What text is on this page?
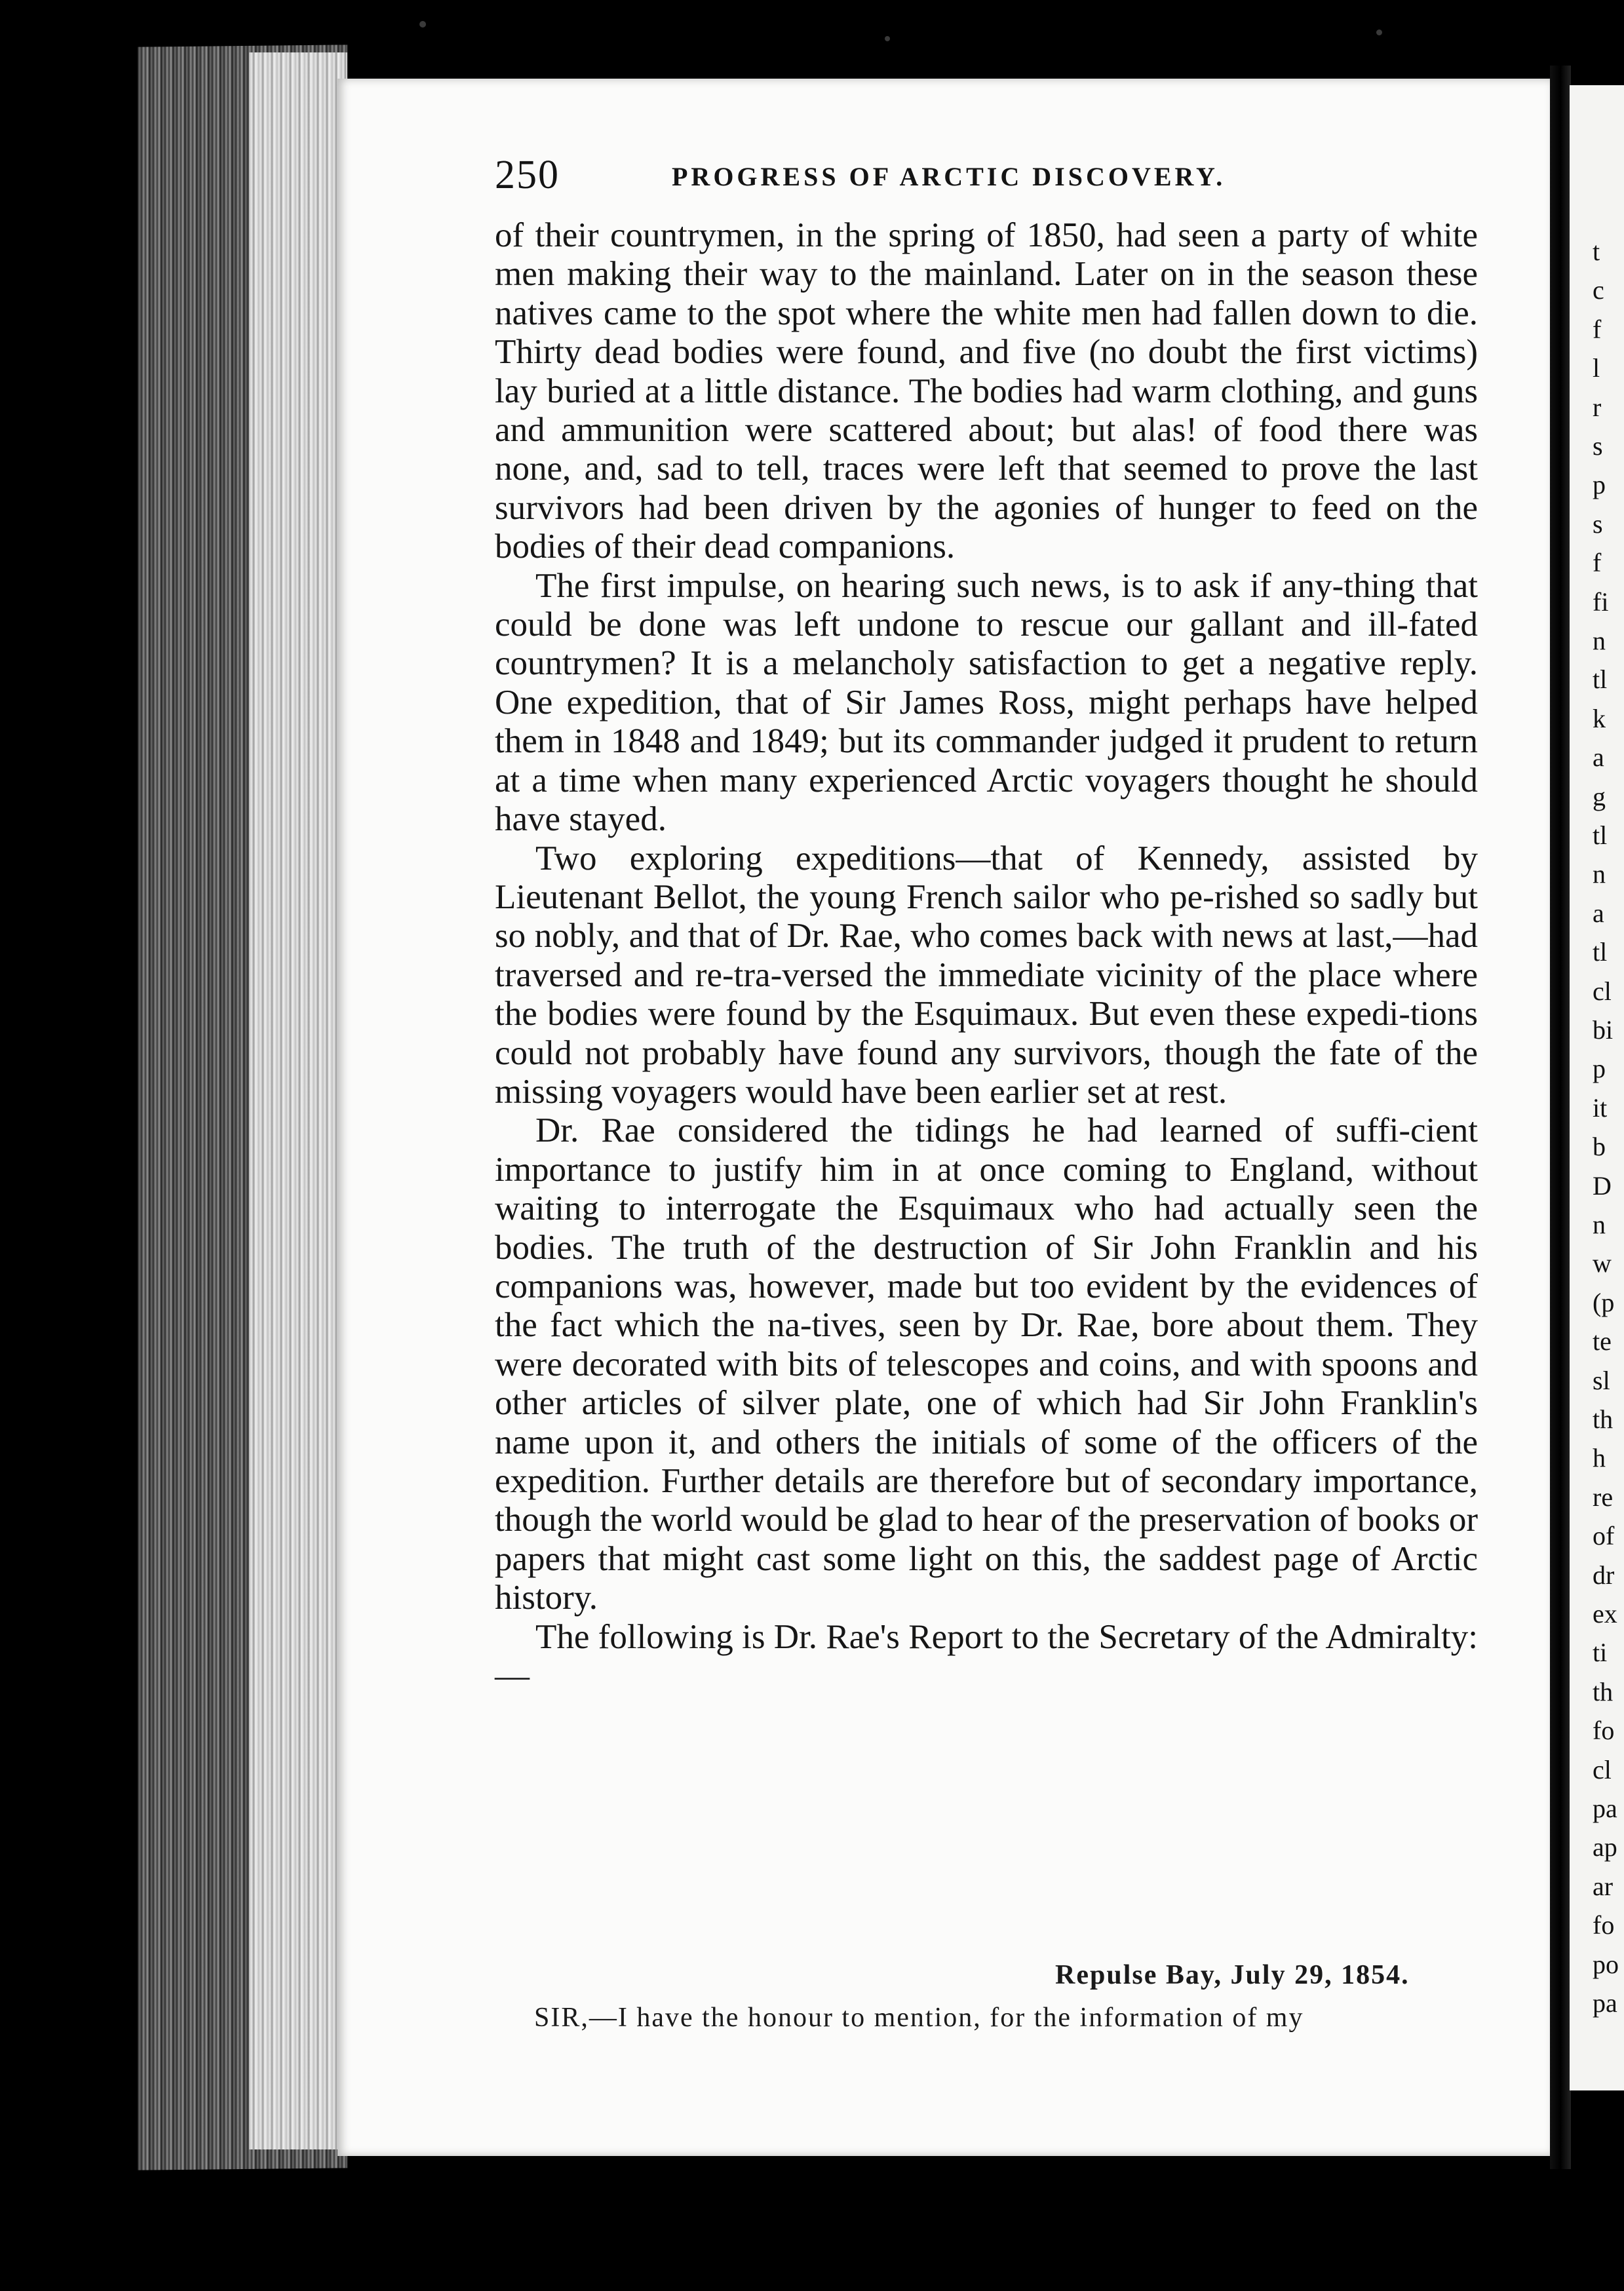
t
c
f
l
r
s
p
s
f
fi
n
tl
k
a
g
tl
n
a
tl
cl
bi
p
it
b
D
n
w
(p
te
sl
th
h
re
of
dr
ex
ti
th
fo
cl
pa
ap
ar
fo
po
pa
250	PROGRESS OF ARCTIC DISCOVERY.

of their countrymen, in the spring of 1850, had seen a party of white men making their way to the mainland. Later on in the season these natives came to the spot where the white men had fallen down to die. Thirty dead bodies were found, and five (no doubt the first victims) lay buried at a little distance. The bodies had warm clothing, and guns and ammunition were scattered about; but alas! of food there was none, and, sad to tell, traces were left that seemed to prove the last survivors had been driven by the agonies of hunger to feed on the bodies of their dead companions.

The first impulse, on hearing such news, is to ask if any-thing that could be done was left undone to rescue our gallant and ill-fated countrymen? It is a melancholy satisfaction to get a negative reply. One expedition, that of Sir James Ross, might perhaps have helped them in 1848 and 1849; but its commander judged it prudent to return at a time when many experienced Arctic voyagers thought he should have stayed.

Two exploring expeditions—that of Kennedy, assisted by Lieutenant Bellot, the young French sailor who pe-rished so sadly but so nobly, and that of Dr. Rae, who comes back with news at last,—had traversed and re-tra-versed the immediate vicinity of the place where the bodies were found by the Esquimaux. But even these expedi-tions could not probably have found any survivors, though the fate of the missing voyagers would have been earlier set at rest.

Dr. Rae considered the tidings he had learned of suffi-cient importance to justify him in at once coming to England, without waiting to interrogate the Esquimaux who had actually seen the bodies. The truth of the destruction of Sir John Franklin and his companions was, however, made but too evident by the evidences of the fact which the na-tives, seen by Dr. Rae, bore about them. They were decorated with bits of telescopes and coins, and with spoons and other articles of silver plate, one of which had Sir John Franklin's name upon it, and others the initials of some of the officers of the expedition. Further details are therefore but of secondary importance, though the world would be glad to hear of the preservation of books or papers that might cast some light on this, the saddest page of Arctic history.

The following is Dr. Rae's Report to the Secretary of the Admiralty:—

Repulse Bay, July 29, 1854.
SIR,—I have the honour to mention, for the information of my
